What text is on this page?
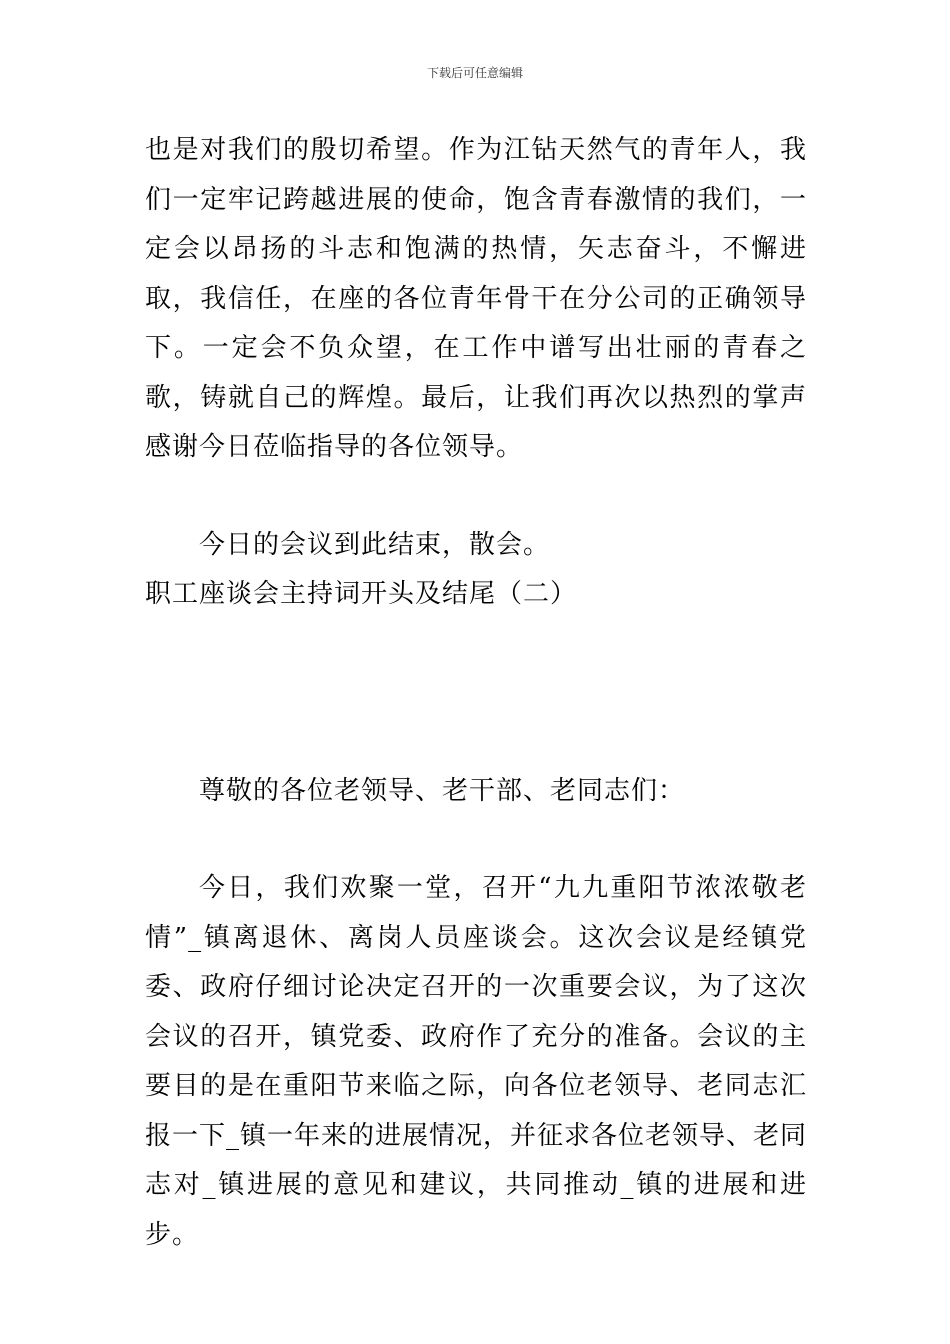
下载后可任意编辑

也是对我们的殷切希望。作为江钻天然气的青年人，我们一定牢记跨越进展的使命，饱含青春激情的我们，一定会以昂扬的斗志和饱满的热情，矢志奋斗，不懈进取，我信任，在座的各位青年骨干在分公司的正确领导下。一定会不负众望，在工作中谱写出壮丽的青春之歌，铸就自己的辉煌。最后，让我们再次以热烈的掌声感谢今日莅临指导的各位领导。

今日的会议到此结束，散会。

职工座谈会主持词开头及结尾（二）

尊敬的各位老领导、老干部、老同志们：

今日，我们欢聚一堂，召开“九九重阳节浓浓敬老情”_镇离退休、离岗人员座谈会。这次会议是经镇党委、政府仔细讨论决定召开的一次重要会议，为了这次会议的召开，镇党委、政府作了充分的准备。会议的主要目的是在重阳节来临之际，向各位老领导、老同志汇报一下_镇一年来的进展情况，并征求各位老领导、老同志对_镇进展的意见和建议，共同推动_镇的进展和进步。
